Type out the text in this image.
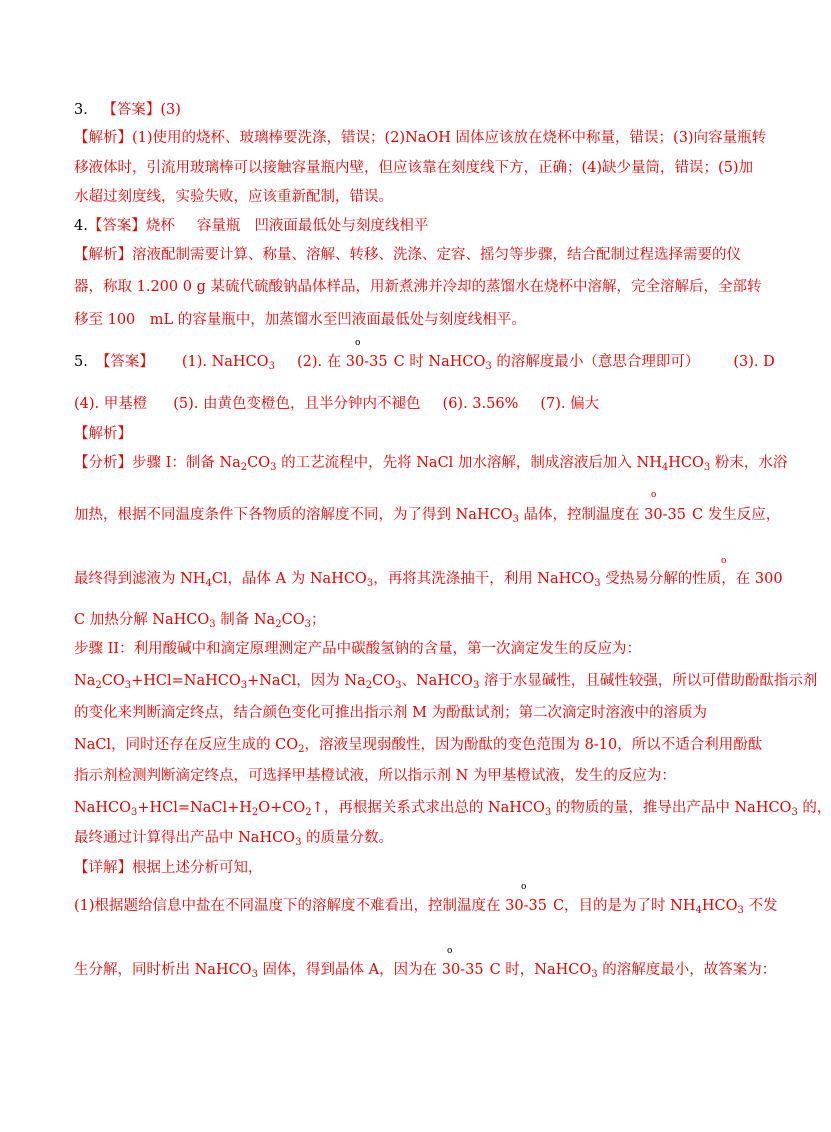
3． 【答案】(3)
【解析】(1)使用的烧杯、玻璃棒要洗涤，错误；(2)NaOH 固体应该放在烧杯中称量，错误；(3)向容量瓶转
移液体时，引流用玻璃棒可以接触容量瓶内壁，但应该靠在刻度线下方，正确；(4)缺少量筒，错误；(5)加
水超过刻度线，实验失败，应该重新配制，错误。
4.【答案】烧杯 容量瓶 凹液面最低处与刻度线相平
【解析】溶液配制需要计算、称量、溶解、转移、洗涤、定容、摇匀等步骤，结合配制过程选择需要的仪
器，称取 1.200 0 g 某硫代硫酸钠晶体样品，用新煮沸并冷却的蒸馏水在烧杯中溶解，完全溶解后，全部转
移至 100　mL 的容量瓶中，加蒸馏水至凹液面最低处与刻度线相平。
o
5. 【答案】 (1). NaHCO$_3$ (2). 在 30-35 C 时 NaHCO$_3$ 的溶解度最小（意思合理即可） (3). D
(4). 甲基橙 (5). 由黄色变橙色，且半分钟内不褪色 (6). 3.56% (7). 偏大
【解析】
【分析】步骤 I：制备 $Na_2CO_3$ 的工艺流程中，先将 NaCl 加水溶解，制成溶液后加入 $NH_4HCO_3$ 粉末，水浴
o
加热，根据不同温度条件下各物质的溶解度不同，为了得到 NaHCO$_3$ 晶体，控制温度在 30-35 C 发生反应，
o
最终得到滤液为 $NH_4Cl$，晶体 A 为 NaHCO$_3$，再将其洗涤抽干，利用 NaHCO$_3$ 受热易分解的性质，在 300
C 加热分解 NaHCO$_3$ 制备 $Na_2CO_3$；
步骤 II：利用酸碱中和滴定原理测定产品中碳酸氢钠的含量，第一次滴定发生的反应为：
$Na_2CO_3+HCl=NaHCO_3+NaCl$，因为 $Na_2CO_3$、NaHCO$_3$ 溶于水显碱性，且碱性较强，所以可借助酚酞指示剂
的变化来判断滴定终点，结合颜色变化可推出指示剂 M 为酚酞试剂；第二次滴定时溶液中的溶质为
NaCl，同时还存在反应生成的 $CO_2$，溶液呈现弱酸性，因为酚酞的变色范围为 8-10，所以不适合利用酚酞
指示剂检测判断滴定终点，可选择甲基橙试液，所以指示剂 N 为甲基橙试液，发生的反应为：
$NaHCO_3+HCl=NaCl+H_2O+CO_2↑$，再根据关系式求出总的 NaHCO$_3$ 的物质的量，推导出产品中 NaHCO$_3$ 的，
最终通过计算得出产品中 NaHCO$_3$ 的质量分数。
【详解】根据上述分析可知，
o
(1)根据题给信息中盐在不同温度下的溶解度不难看出，控制温度在 30-35 C，目的是为了时 $NH_4HCO_3$ 不发
o
生分解，同时析出 NaHCO$_3$ 固体，得到晶体 A，因为在 30-35 C 时，NaHCO$_3$ 的溶解度最小，故答案为：
